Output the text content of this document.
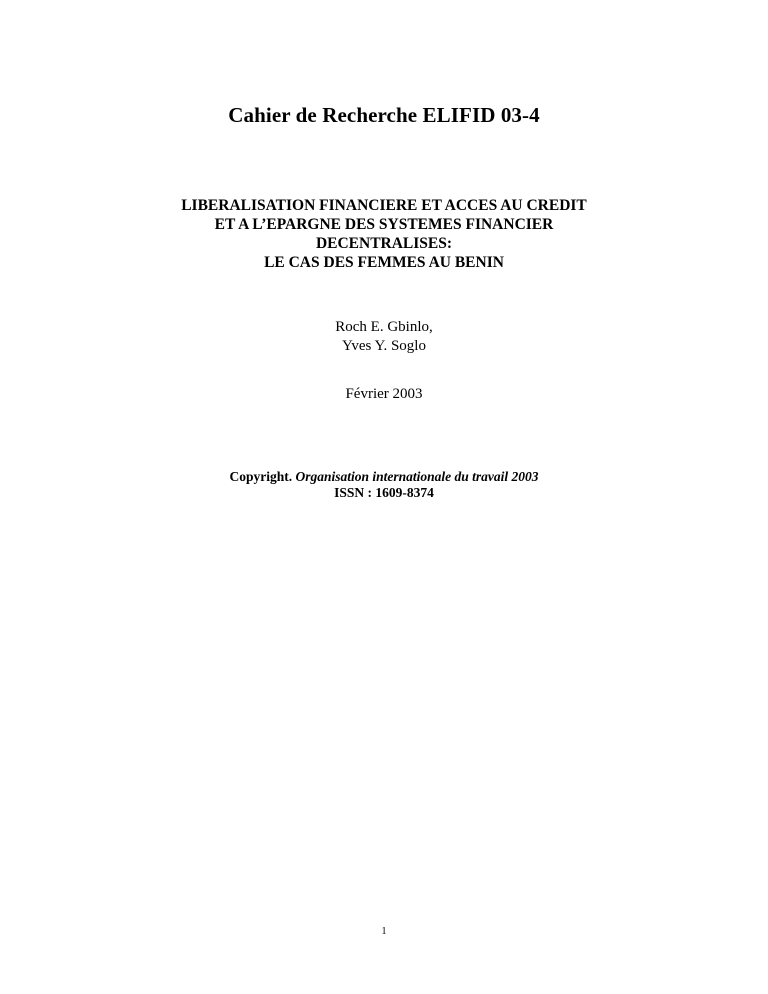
Cahier de Recherche ELIFID 03-4
LIBERALISATION FINANCIERE ET ACCES AU CREDIT
ET A L’EPARGNE DES SYSTEMES FINANCIER
DECENTRALISES:
LE CAS DES FEMMES AU BENIN
Roch E. Gbinlo,
Yves Y. Soglo
Février 2003
Copyright. Organisation internationale du travail 2003
ISSN : 1609-8374
1
